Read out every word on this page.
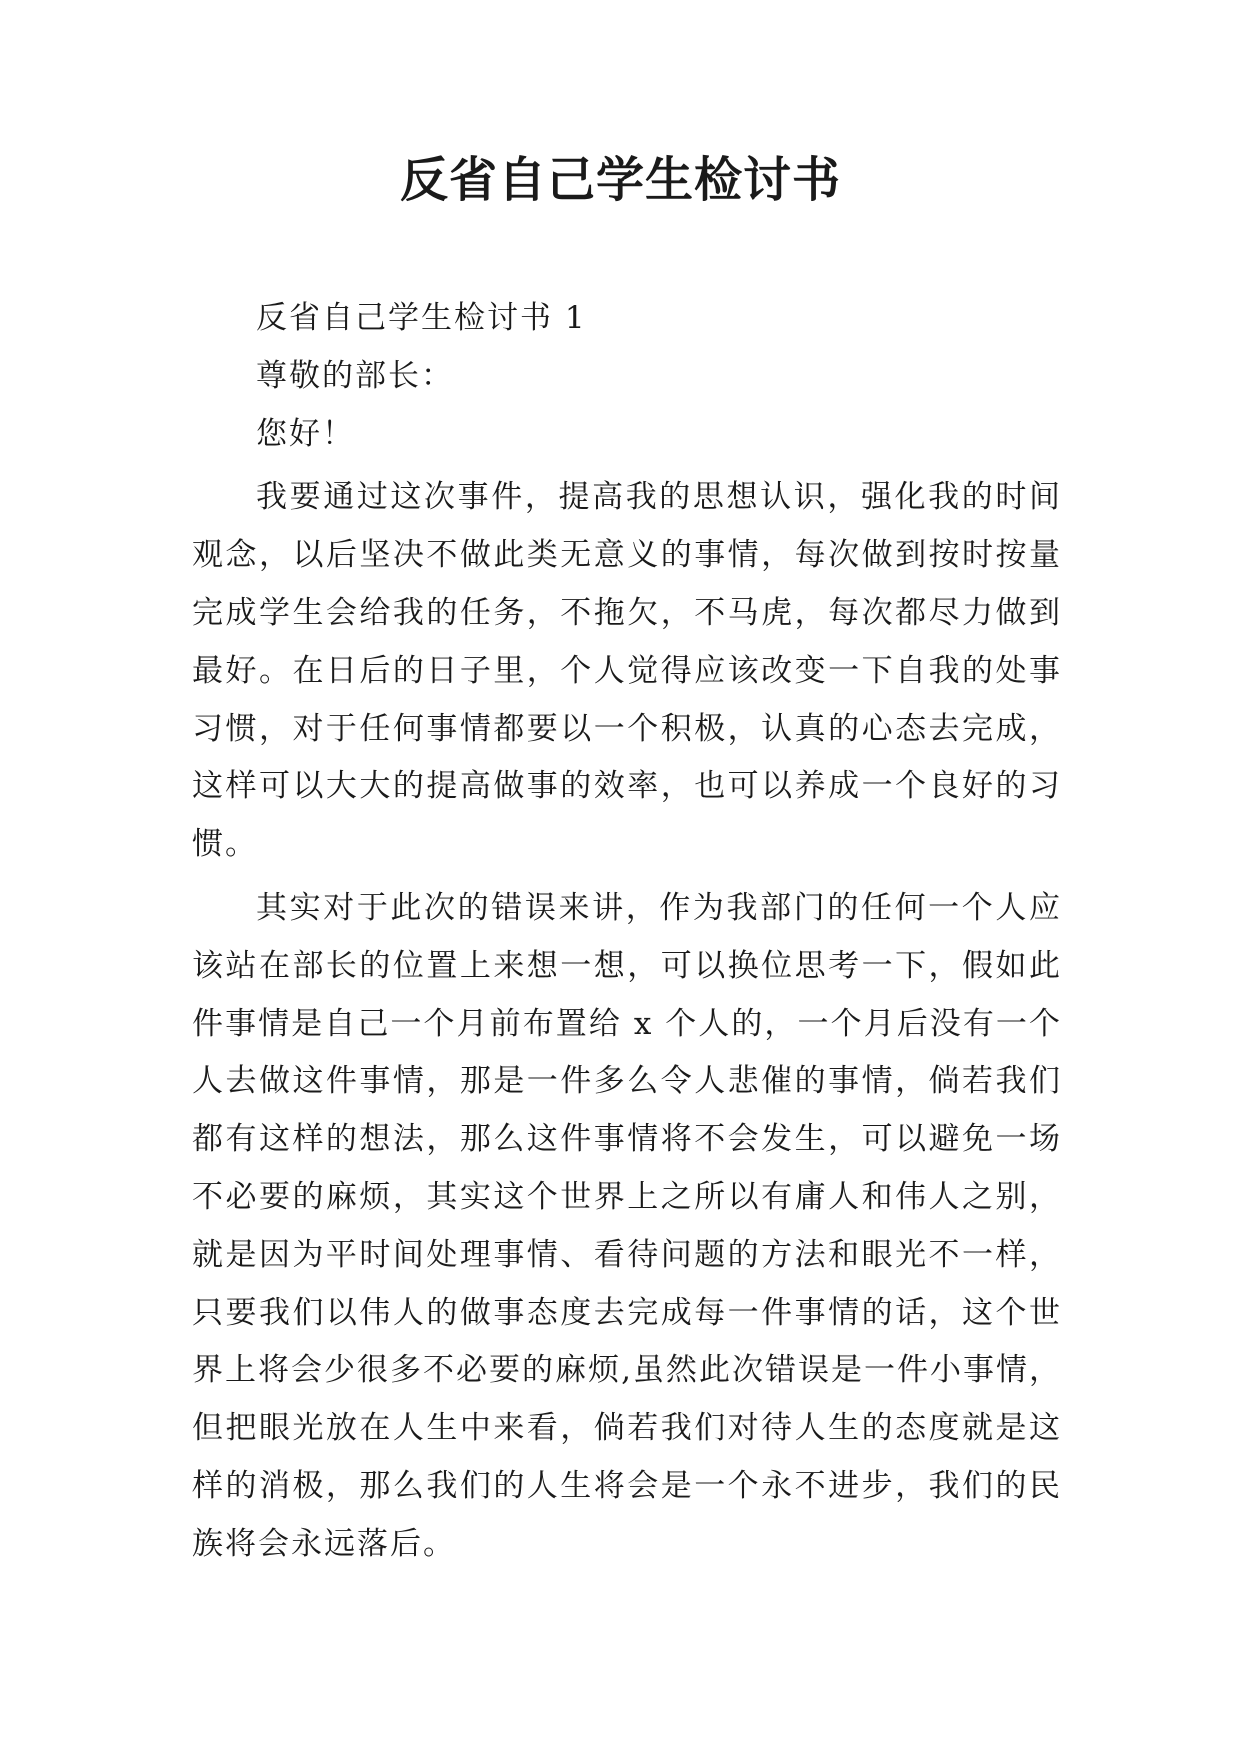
反省自己学生检讨书

反省自己学生检讨书 1

尊敬的部长：

您好！

我要通过这次事件，提高我的思想认识，强化我的时间观念，以后坚决不做此类无意义的事情，每次做到按时按量完成学生会给我的任务，不拖欠，不马虎，每次都尽力做到最好。在日后的日子里，个人觉得应该改变一下自我的处事习惯，对于任何事情都要以一个积极，认真的心态去完成，这样可以大大的提高做事的效率，也可以养成一个良好的习惯。

其实对于此次的错误来讲，作为我部门的任何一个人应该站在部长的位置上来想一想，可以换位思考一下，假如此件事情是自己一个月前布置给 x 个人的，一个月后没有一个人去做这件事情，那是一件多么令人悲催的事情，倘若我们都有这样的想法，那么这件事情将不会发生，可以避免一场不必要的麻烦，其实这个世界上之所以有庸人和伟人之别，就是因为平时间处理事情、看待问题的方法和眼光不一样，只要我们以伟人的做事态度去完成每一件事情的话，这个世界上将会少很多不必要的麻烦,虽然此次错误是一件小事情，但把眼光放在人生中来看，倘若我们对待人生的态度就是这样的消极，那么我们的人生将会是一个永不进步，我们的民族将会永远落后。
